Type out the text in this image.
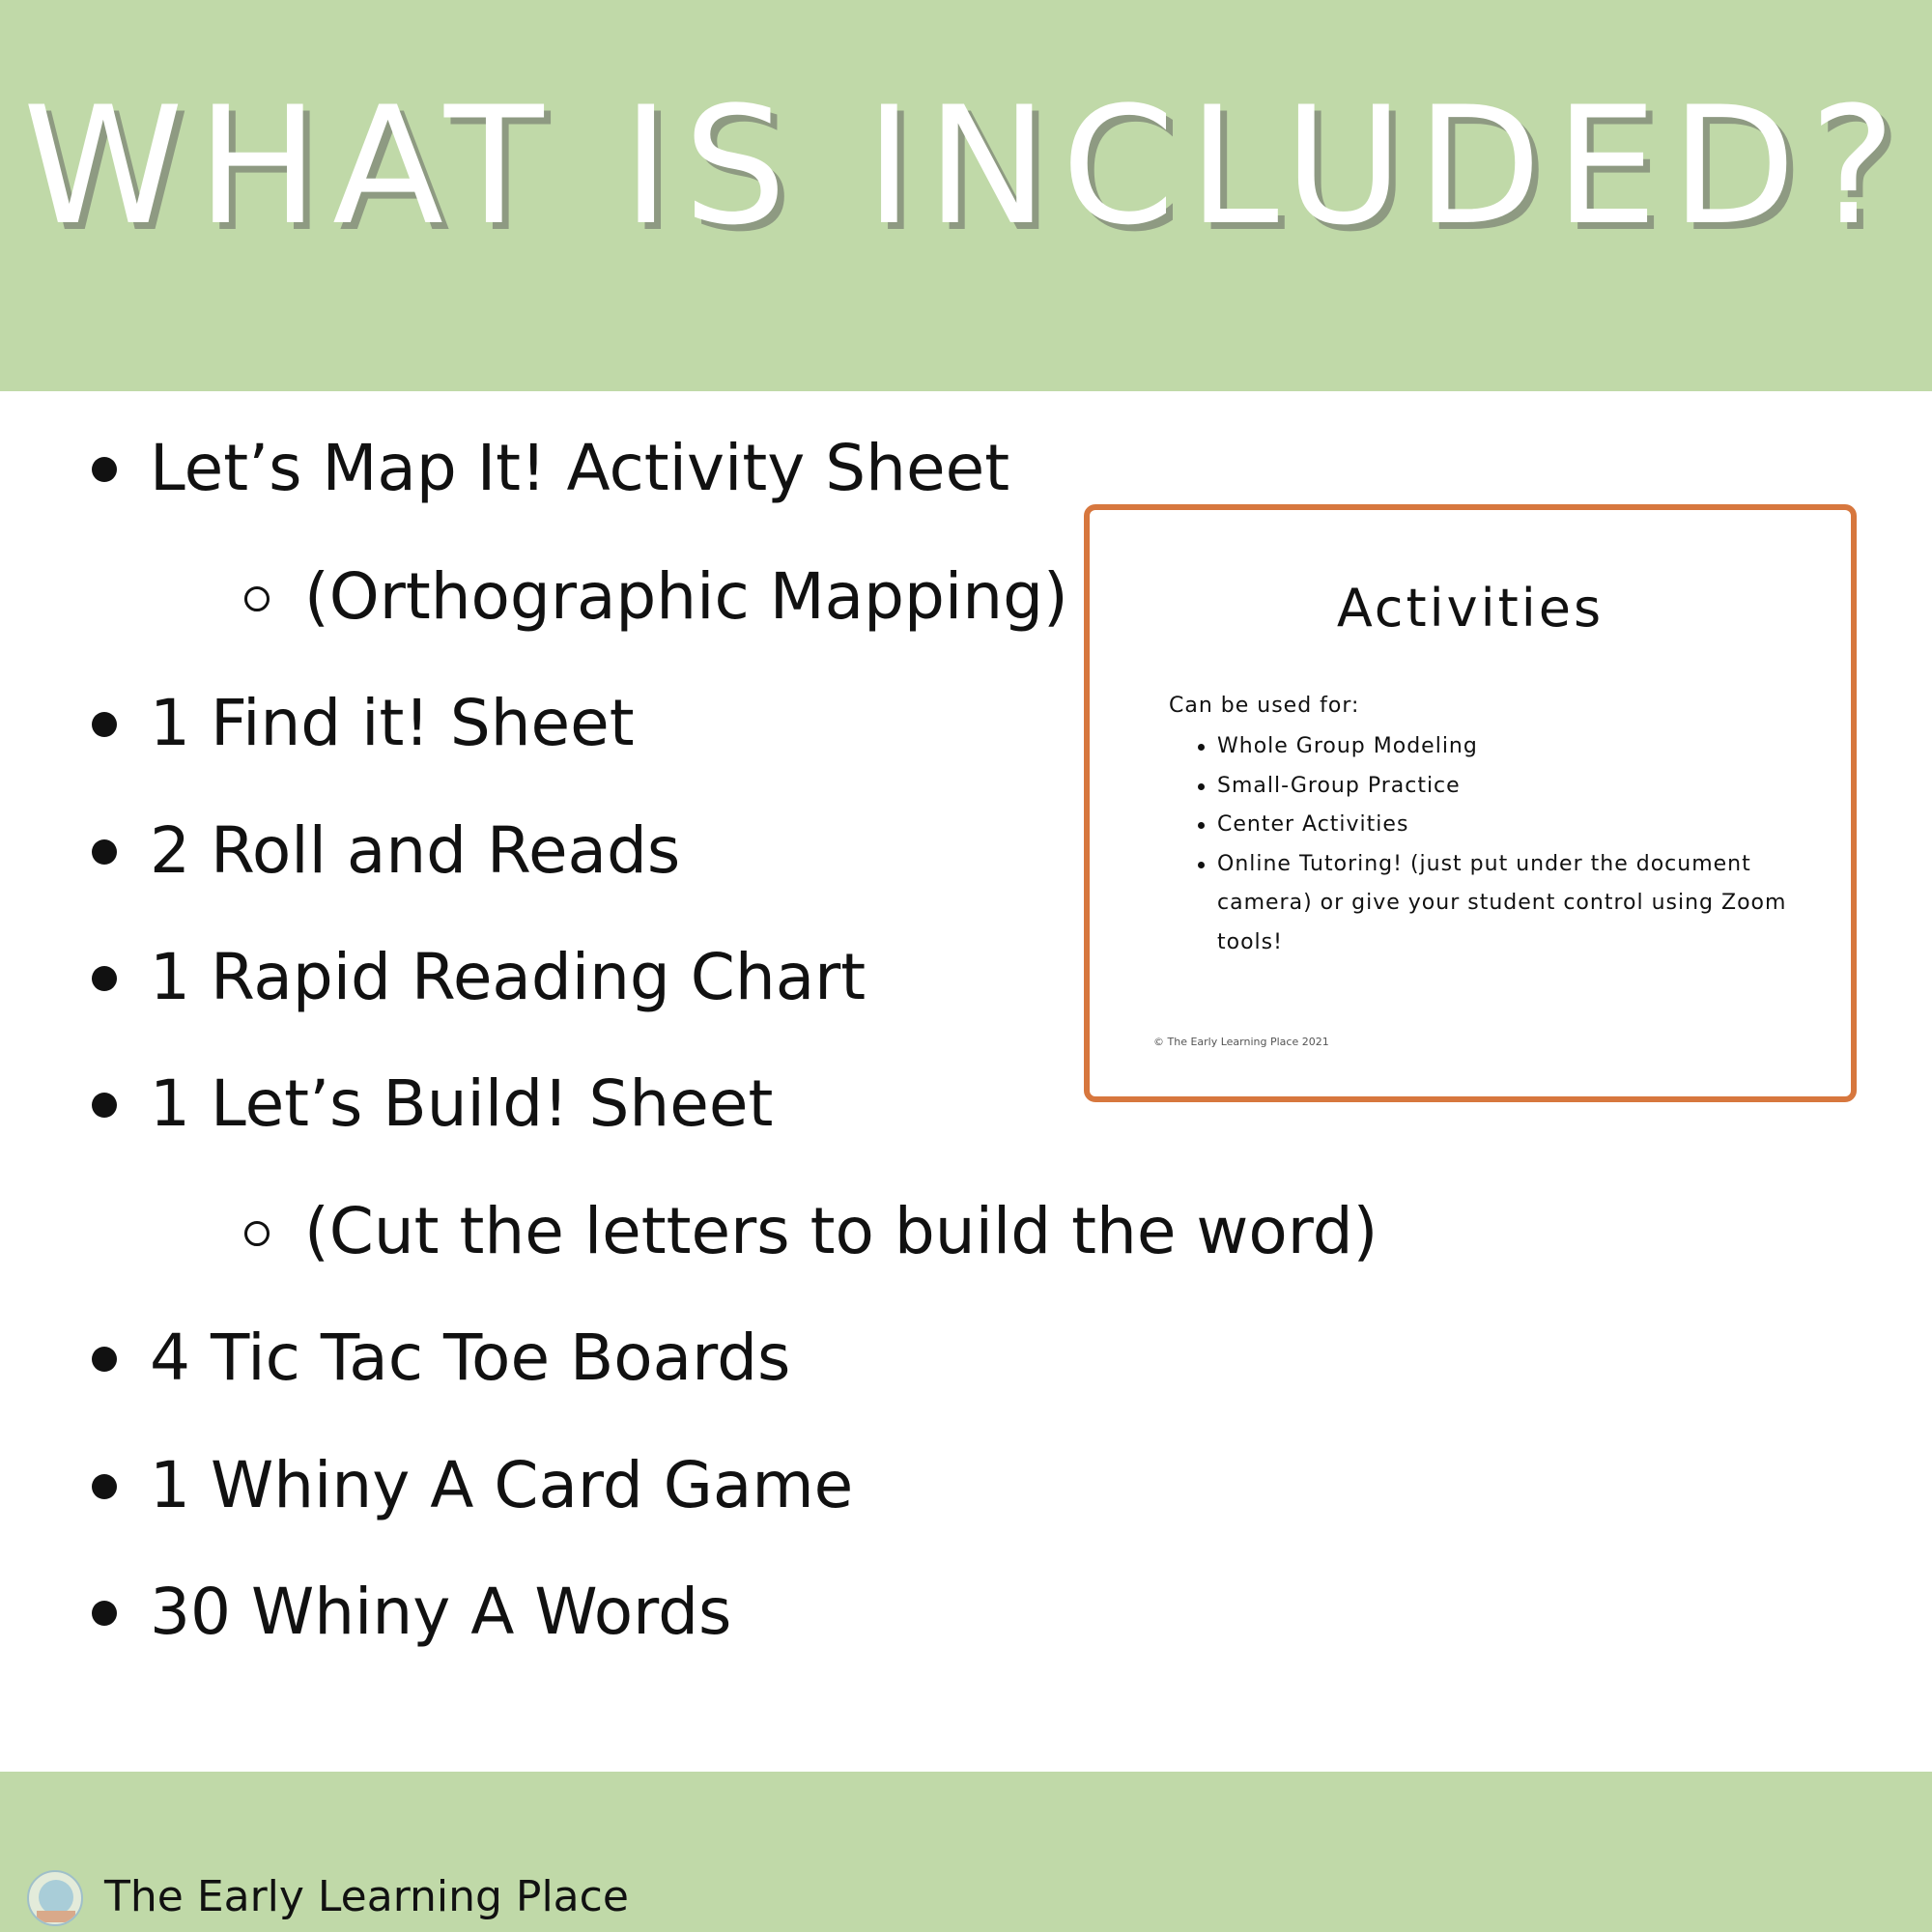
WHAT IS INCLUDED?
Let’s Map It! Activity Sheet
(Orthographic Mapping)
1 Find it! Sheet
2 Roll and Reads
1 Rapid Reading Chart
1 Let’s Build! Sheet
(Cut the letters to build the word)
4 Tic Tac Toe Boards
1 Whiny A Card Game
30 Whiny A Words
Activities
Can be used for:
Whole Group Modeling
Small-Group Practice
Center Activities
Online Tutoring! (just put under the document camera) or give your student control using Zoom tools!
© The Early Learning Place 2021
The Early Learning Place
